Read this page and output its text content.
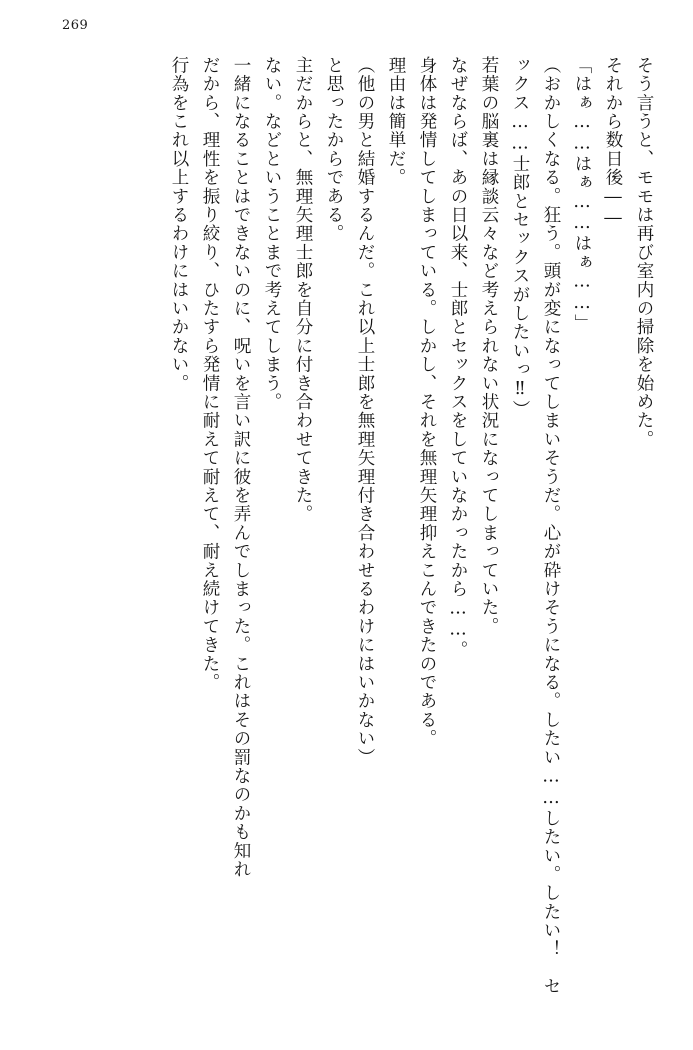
269

そう言うと、モモは再び室内の掃除を始めた。

それから数日後――

「はぁ……はぁ……はぁ……」

（おかしくなる。狂う。頭が変になってしまいそうだ。心が砕けそうになる。したい……したい。したい！　セックス……士郎とセックスがしたいっ‼）

若葉の脳裏は縁談云々など考えられない状況になってしまっていた。

なぜならば、あの日以来、士郎とセックスをしていなかったから……。

身体は発情してしまっている。しかし、それを無理矢理抑えこんできたのである。

理由は簡単だ。

（他の男と結婚するんだ。これ以上士郎を無理矢理付き合わせるわけにはいかない）

と思ったからである。

主だからと、無理矢理士郎を自分に付き合わせてきた。

ない。などということまで考えてしまう。

一緒になることはできないのに、呪いを言い訳に彼を弄んでしまった。これはその罰なのかも知れ

だから、理性を振り絞り、ひたすら発情に耐えて耐えて、耐え続けてきた。

行為をこれ以上するわけにはいかない。
